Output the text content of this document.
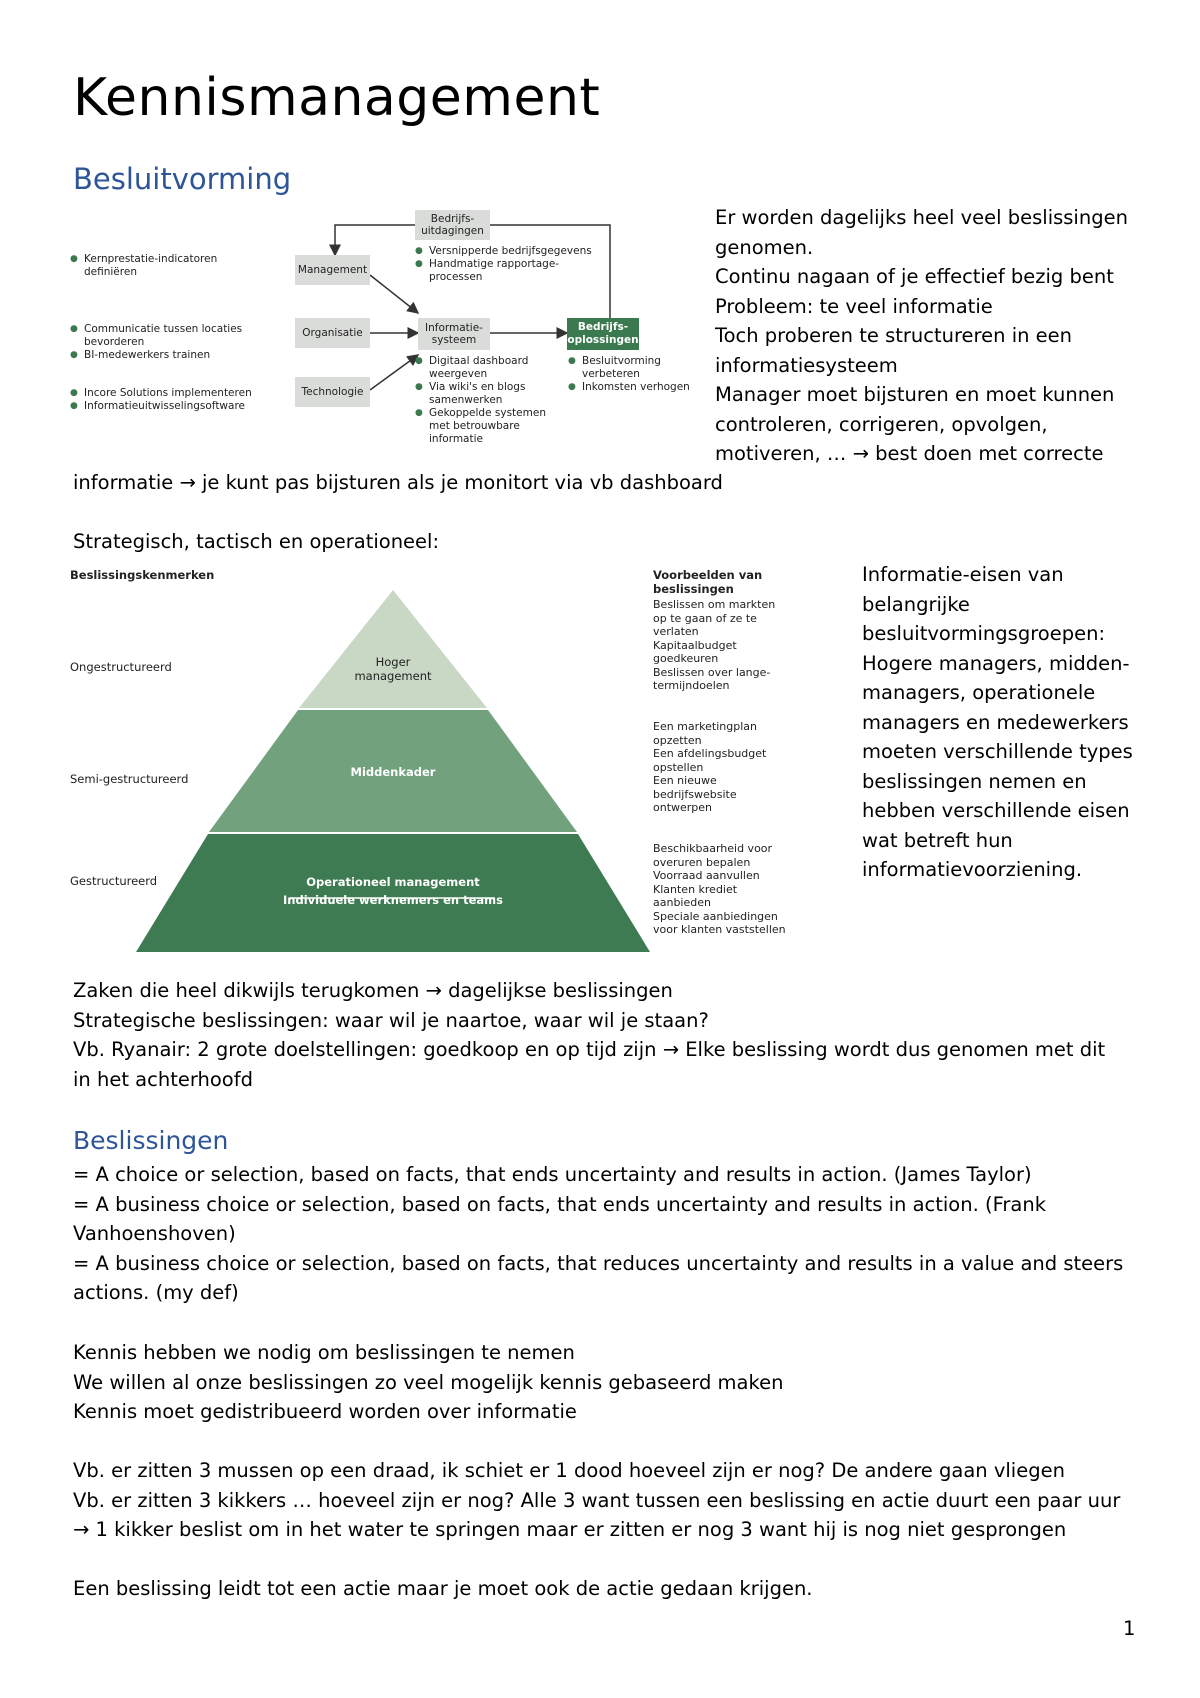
Kennismanagement
Besluitvorming
Bedrijfs-
uitdagingen
● Versnipperde bedrijfsgegevens
● Handmatige rapportage-
processen
Management
Organisatie
Technologie
Informatie-
systeem
Bedrijfs-
oplossingen
● Kernprestatie-indicatoren
definiëren
● Communicatie tussen locaties
bevorderen
● BI-medewerkers trainen
● Incore Solutions implementeren
● Informatieuitwisselingsoftware
● Digitaal dashboard
weergeven
● Via wiki's en blogs
samenwerken
● Gekoppelde systemen
met betrouwbare
informatie
● Besluitvorming
verbeteren
● Inkomsten verhogen
Er worden dagelijks heel veel beslissingen
genomen.
Continu nagaan of je effectief bezig bent
Probleem: te veel informatie
Toch proberen te structureren in een
informatiesysteem
Manager moet bijsturen en moet kunnen
controleren, corrigeren, opvolgen,
motiveren, … → best doen met correcte
informatie → je kunt pas bijsturen als je monitort via vb dashboard
Strategisch, tactisch en operationeel:
Beslissingskenmerken	Voorbeelden van beslissingen
Ongestructureerd
Semi-gestructureerd
Gestructureerd
Hoger
management
Middenkader
Operationeel management
Individuele werknemers en teams
Beslissen om markten
op te gaan of ze te
verlaten
Kapitaalbudget
goedkeuren
Beslissen over lange-
termijndoelen
Een marketingplan
opzetten
Een afdelingsbudget
opstellen
Een nieuwe
bedrijfswebsite
ontwerpen
Beschikbaarheid voor
overuren bepalen
Voorraad aanvullen
Klanten krediet
aanbieden
Speciale aanbiedingen
voor klanten vaststellen
Informatie-eisen van
belangrijke
besluitvormingsgroepen:
Hogere managers, midden-
managers, operationele
managers en medewerkers
moeten verschillende types
beslissingen nemen en
hebben verschillende eisen
wat betreft hun
informatievoorziening.
Zaken die heel dikwijls terugkomen → dagelijkse beslissingen
Strategische beslissingen: waar wil je naartoe, waar wil je staan?
Vb. Ryanair: 2 grote doelstellingen: goedkoop en op tijd zijn → Elke beslissing wordt dus genomen met dit
in het achterhoofd
Beslissingen
= A choice or selection, based on facts, that ends uncertainty and results in action. (James Taylor)
= A business choice or selection, based on facts, that ends uncertainty and results in action. (Frank
Vanhoenshoven)
= A business choice or selection, based on facts, that reduces uncertainty and results in a value and steers
actions. (my def)
Kennis hebben we nodig om beslissingen te nemen
We willen al onze beslissingen zo veel mogelijk kennis gebaseerd maken
Kennis moet gedistribueerd worden over informatie
Vb. er zitten 3 mussen op een draad, ik schiet er 1 dood hoeveel zijn er nog? De andere gaan vliegen
Vb. er zitten 3 kikkers … hoeveel zijn er nog? Alle 3 want tussen een beslissing en actie duurt een paar uur
→ 1 kikker beslist om in het water te springen maar er zitten er nog 3 want hij is nog niet gesprongen
Een beslissing leidt tot een actie maar je moet ook de actie gedaan krijgen.
1
